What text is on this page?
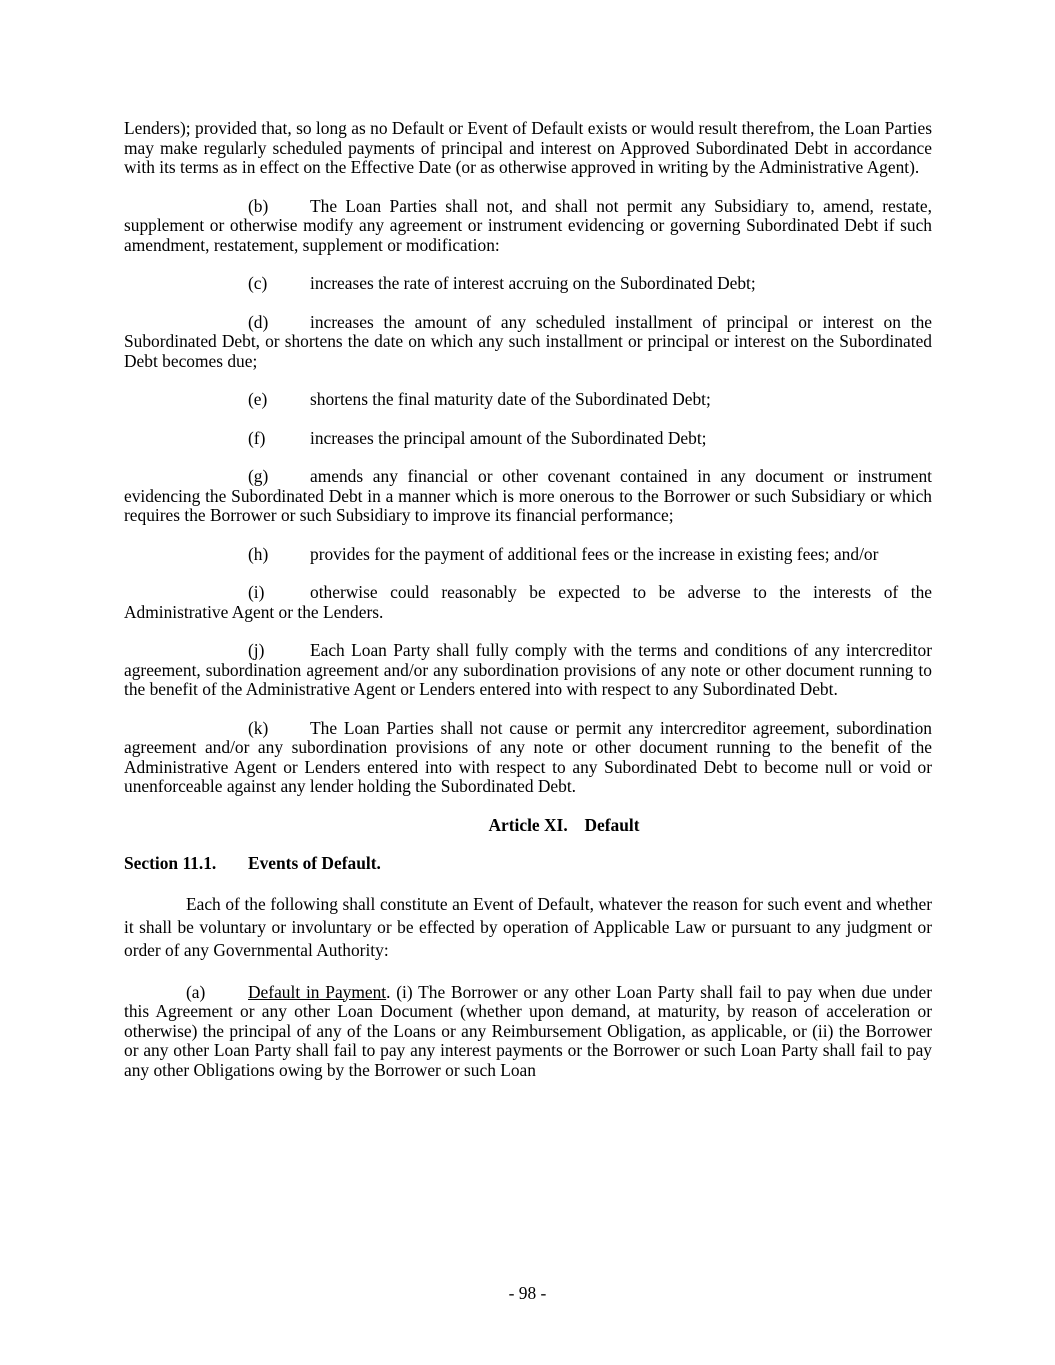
Lenders); provided that, so long as no Default or Event of Default exists or would result therefrom, the Loan Parties may make regularly scheduled payments of principal and interest on Approved Subordinated Debt in accordance with its terms as in effect on the Effective Date (or as otherwise approved in writing by the Administrative Agent).

(b) The Loan Parties shall not, and shall not permit any Subsidiary to, amend, restate, supplement or otherwise modify any agreement or instrument evidencing or governing Subordinated Debt if such amendment, restatement, supplement or modification:

(c) increases the rate of interest accruing on the Subordinated Debt;

(d) increases the amount of any scheduled installment of principal or interest on the Subordinated Debt, or shortens the date on which any such installment or principal or interest on the Subordinated Debt becomes due;

(e) shortens the final maturity date of the Subordinated Debt;

(f)	increases the principal amount of the Subordinated Debt;

(g) amends any financial or other covenant contained in any document or instrument evidencing the Subordinated Debt in a manner which is more onerous to the Borrower or such Subsidiary or which requires the Borrower or such Subsidiary to improve its financial performance;

(h) provides for the payment of additional fees or the increase in existing fees; and/or

(i)	otherwise could reasonably be expected to be adverse to the interests of the Administrative Agent or the Lenders.

(j)	Each Loan Party shall fully comply with the terms and conditions of any intercreditor agreement, subordination agreement and/or any subordination provisions of any note or other document running to the benefit of the Administrative Agent or Lenders entered into with respect to any Subordinated Debt.

(k) The Loan Parties shall not cause or permit any intercreditor agreement, subordination agreement and/or any subordination provisions of any note or other document running to the benefit of the Administrative Agent or Lenders entered into with respect to any Subordinated Debt to become null or void or unenforceable against any lender holding the Subordinated Debt.

Article XI. Default

Section 11.1. Events of Default.

Each of the following shall constitute an Event of Default, whatever the reason for such event and whether it shall be voluntary or involuntary or be effected by operation of Applicable Law or pursuant to any judgment or order of any Governmental Authority:

(a) Default in Payment. (i) The Borrower or any other Loan Party shall fail to pay when due under this Agreement or any other Loan Document (whether upon demand, at maturity, by reason of acceleration or otherwise) the principal of any of the Loans or any Reimbursement Obligation, as applicable, or (ii) the Borrower or any other Loan Party shall fail to pay any interest payments or the Borrower or such Loan Party shall fail to pay any other Obligations owing by the Borrower or such Loan

- 98 -
